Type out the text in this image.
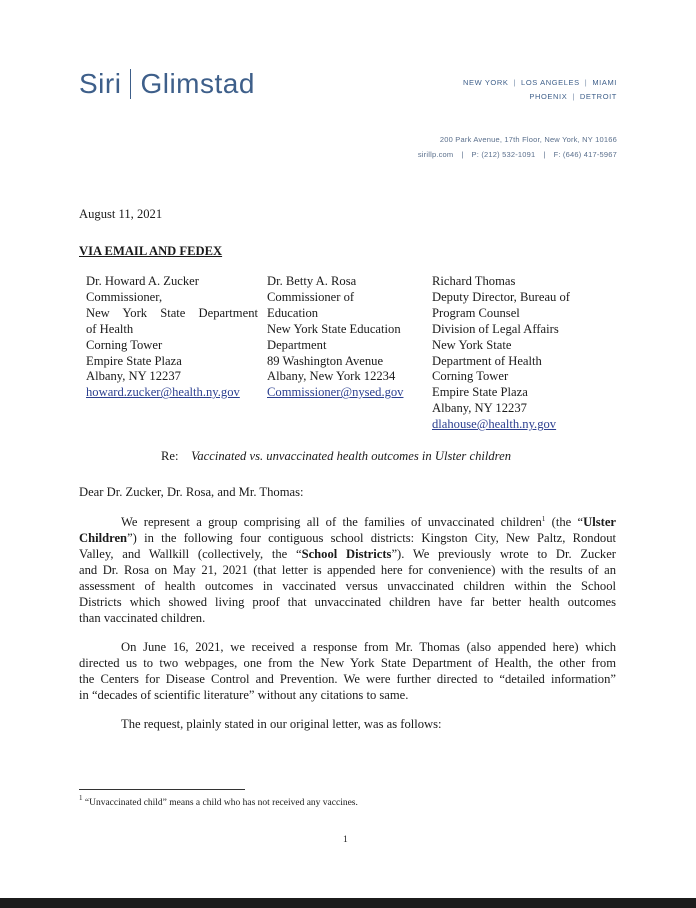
Siri Glimstad	NEW YORK | LOS ANGELES | MIAMI
PHOENIX | DETROIT
200 Park Avenue, 17th Floor, New York, NY 10166
sirillp.com | P: (212) 532-1091 | F: (646) 417-5967
August 11, 2021
VIA EMAIL AND FEDEX
Dr. Howard A. Zucker
Commissioner,
New York State Department
of Health
Corning Tower
Empire State Plaza
Albany, NY 12237
howard.zucker@health.ny.gov
Dr. Betty A. Rosa
Commissioner of
Education
New York State Education
Department
89 Washington Avenue
Albany, New York 12234
Commissioner@nysed.gov
Richard Thomas
Deputy Director, Bureau of
Program Counsel
Division of Legal Affairs
New York State
Department of Health
Corning Tower
Empire State Plaza
Albany, NY 12237
dlahouse@health.ny.gov
Re: Vaccinated vs. unvaccinated health outcomes in Ulster children
Dear Dr. Zucker, Dr. Rosa, and Mr. Thomas:
We represent a group comprising all of the families of unvaccinated children$^1$ (the “Ulster
Children”) in the following four contiguous school districts: Kingston City, New Paltz, Rondout
Valley, and Wallkill (collectively, the “School Districts”). We previously wrote to Dr. Zucker
and Dr. Rosa on May 21, 2021 (that letter is appended here for convenience) with the results of an
assessment of health outcomes in vaccinated versus unvaccinated children within the School
Districts which showed living proof that unvaccinated children have far better health outcomes
than vaccinated children.
On June 16, 2021, we received a response from Mr. Thomas (also appended here) which
directed us to two webpages, one from the New York State Department of Health, the other from
the Centers for Disease Control and Prevention. We were further directed to “detailed information”
in “decades of scientific literature” without any citations to same.
The request, plainly stated in our original letter, was as follows:
$^1$ “Unvaccinated child” means a child who has not received any vaccines.
1
